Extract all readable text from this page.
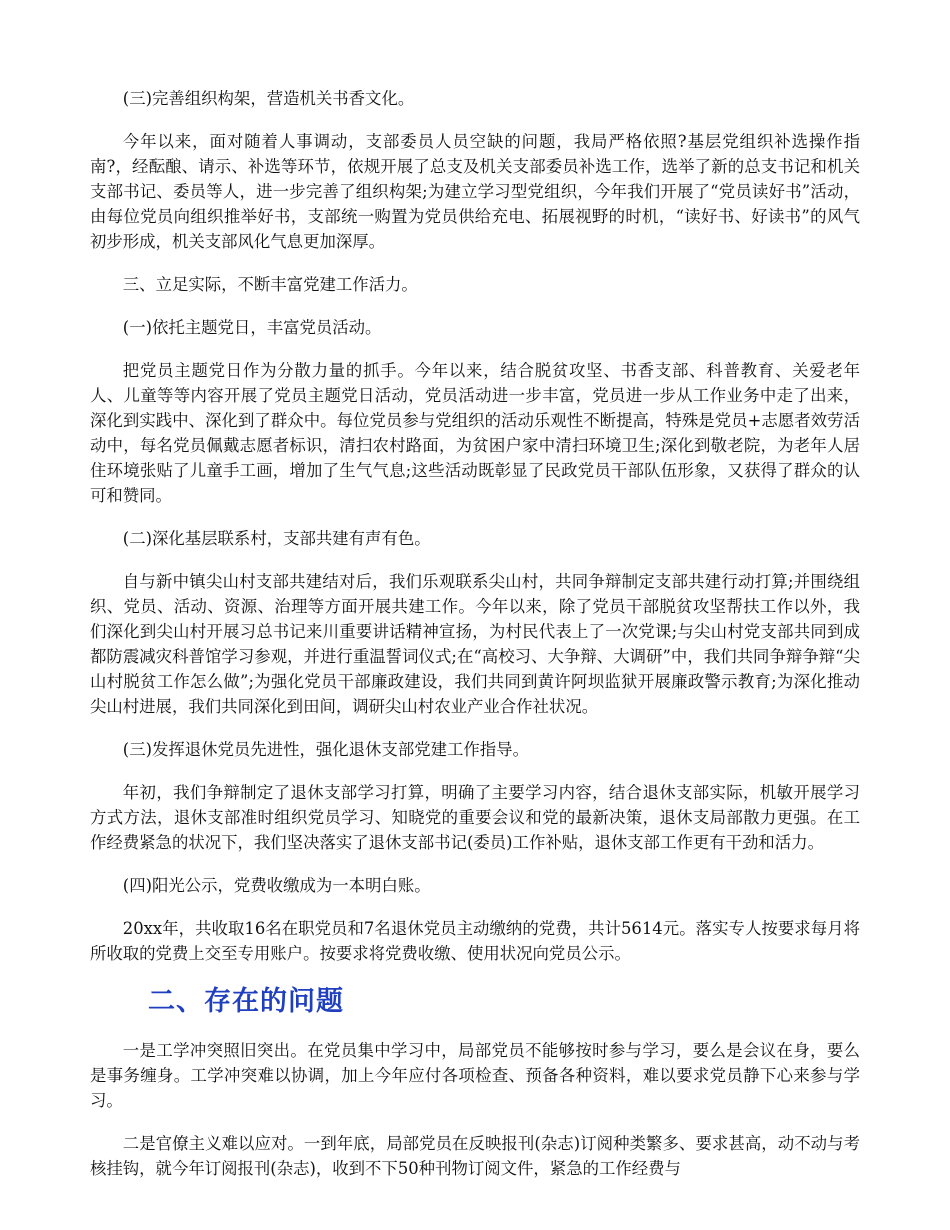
(三)完善组织构架，营造机关书香文化。

今年以来，面对随着人事调动，支部委员人员空缺的问题，我局严格依照?基层党组织补选操作指南?，经酝酿、请示、补选等环节，依规开展了总支及机关支部委员补选工作，选举了新的总支书记和机关支部书记、委员等人，进一步完善了组织构架;为建立学习型党组织，今年我们开展了“党员读好书”活动，由每位党员向组织推举好书，支部统一购置为党员供给充电、拓展视野的时机，“读好书、好读书”的风气初步形成，机关支部风化气息更加深厚。

三、立足实际，不断丰富党建工作活力。

(一)依托主题党日，丰富党员活动。

把党员主题党日作为分散力量的抓手。今年以来，结合脱贫攻坚、书香支部、科普教育、关爱老年人、儿童等等内容开展了党员主题党日活动，党员活动进一步丰富，党员进一步从工作业务中走了出来，深化到实践中、深化到了群众中。每位党员参与党组织的活动乐观性不断提高，特殊是党员+志愿者效劳活动中，每名党员佩戴志愿者标识，清扫农村路面，为贫困户家中清扫环境卫生;深化到敬老院，为老年人居住环境张贴了儿童手工画，增加了生气气息;这些活动既彰显了民政党员干部队伍形象，又获得了群众的认可和赞同。

(二)深化基层联系村，支部共建有声有色。

自与新中镇尖山村支部共建结对后，我们乐观联系尖山村，共同争辩制定支部共建行动打算;并围绕组织、党员、活动、资源、治理等方面开展共建工作。今年以来，除了党员干部脱贫攻坚帮扶工作以外，我们深化到尖山村开展习总书记来川重要讲话精神宣扬，为村民代表上了一次党课;与尖山村党支部共同到成都防震减灾科普馆学习参观，并进行重温誓词仪式;在“高校习、大争辩、大调研”中，我们共同争辩争辩“尖山村脱贫工作怎么做”;为强化党员干部廉政建设，我们共同到黄许阿坝监狱开展廉政警示教育;为深化推动尖山村进展，我们共同深化到田间，调研尖山村农业产业合作社状况。

(三)发挥退休党员先进性，强化退休支部党建工作指导。

年初，我们争辩制定了退休支部学习打算，明确了主要学习内容，结合退休支部实际，机敏开展学习方式方法，退休支部准时组织党员学习、知晓党的重要会议和党的最新决策，退休支局部散力更强。在工作经费紧急的状况下，我们坚决落实了退休支部书记(委员)工作补贴，退休支部工作更有干劲和活力。

(四)阳光公示，党费收缴成为一本明白账。

20xx年，共收取16名在职党员和7名退休党员主动缴纳的党费，共计5614元。落实专人按要求每月将所收取的党费上交至专用账户。按要求将党费收缴、使用状况向党员公示。

二、存在的问题

一是工学冲突照旧突出。在党员集中学习中，局部党员不能够按时参与学习，要么是会议在身，要么是事务缠身。工学冲突难以协调，加上今年应付各项检查、预备各种资料，难以要求党员静下心来参与学习。

二是官僚主义难以应对。一到年底，局部党员在反映报刊(杂志)订阅种类繁多、要求甚高，动不动与考核挂钩，就今年订阅报刊(杂志)，收到不下50种刊物订阅文件，紧急的工作经费与
